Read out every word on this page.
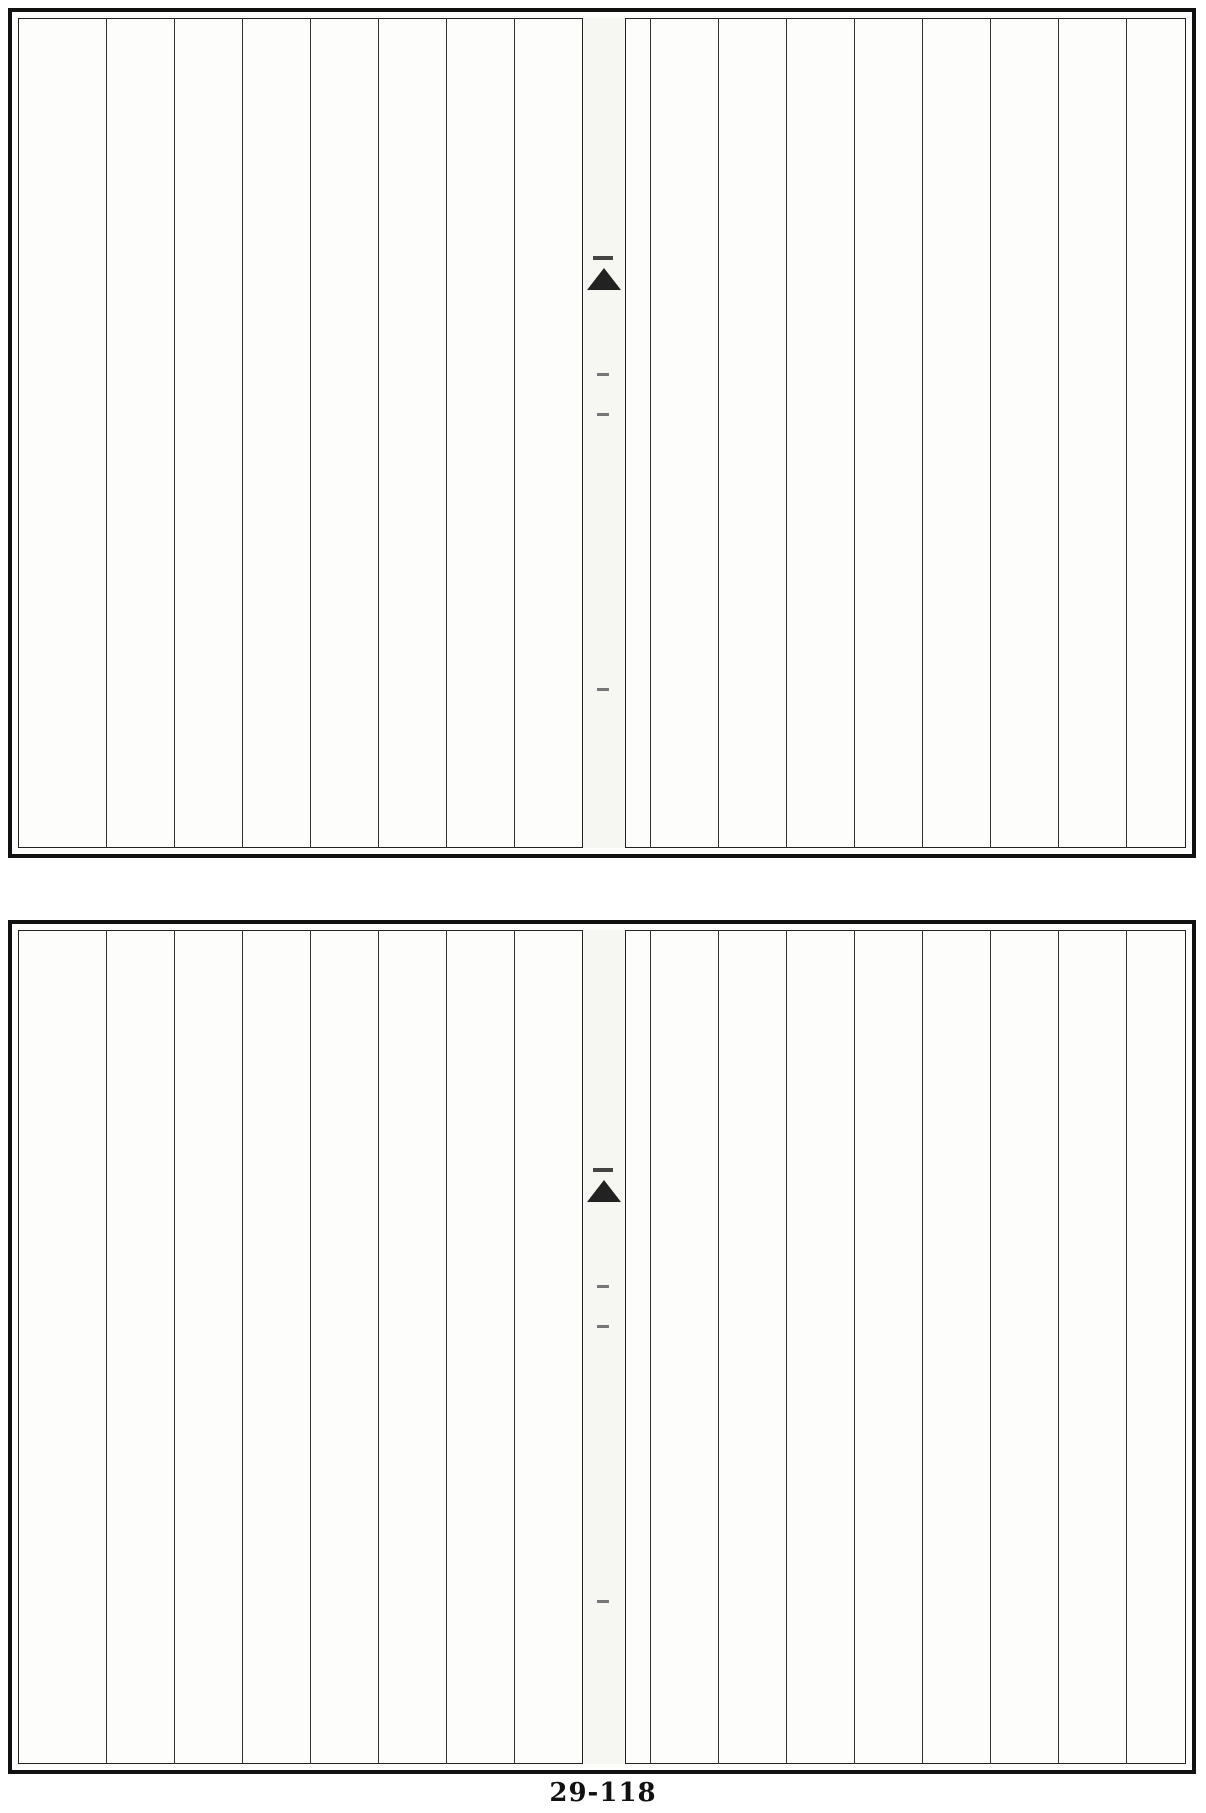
29-118
